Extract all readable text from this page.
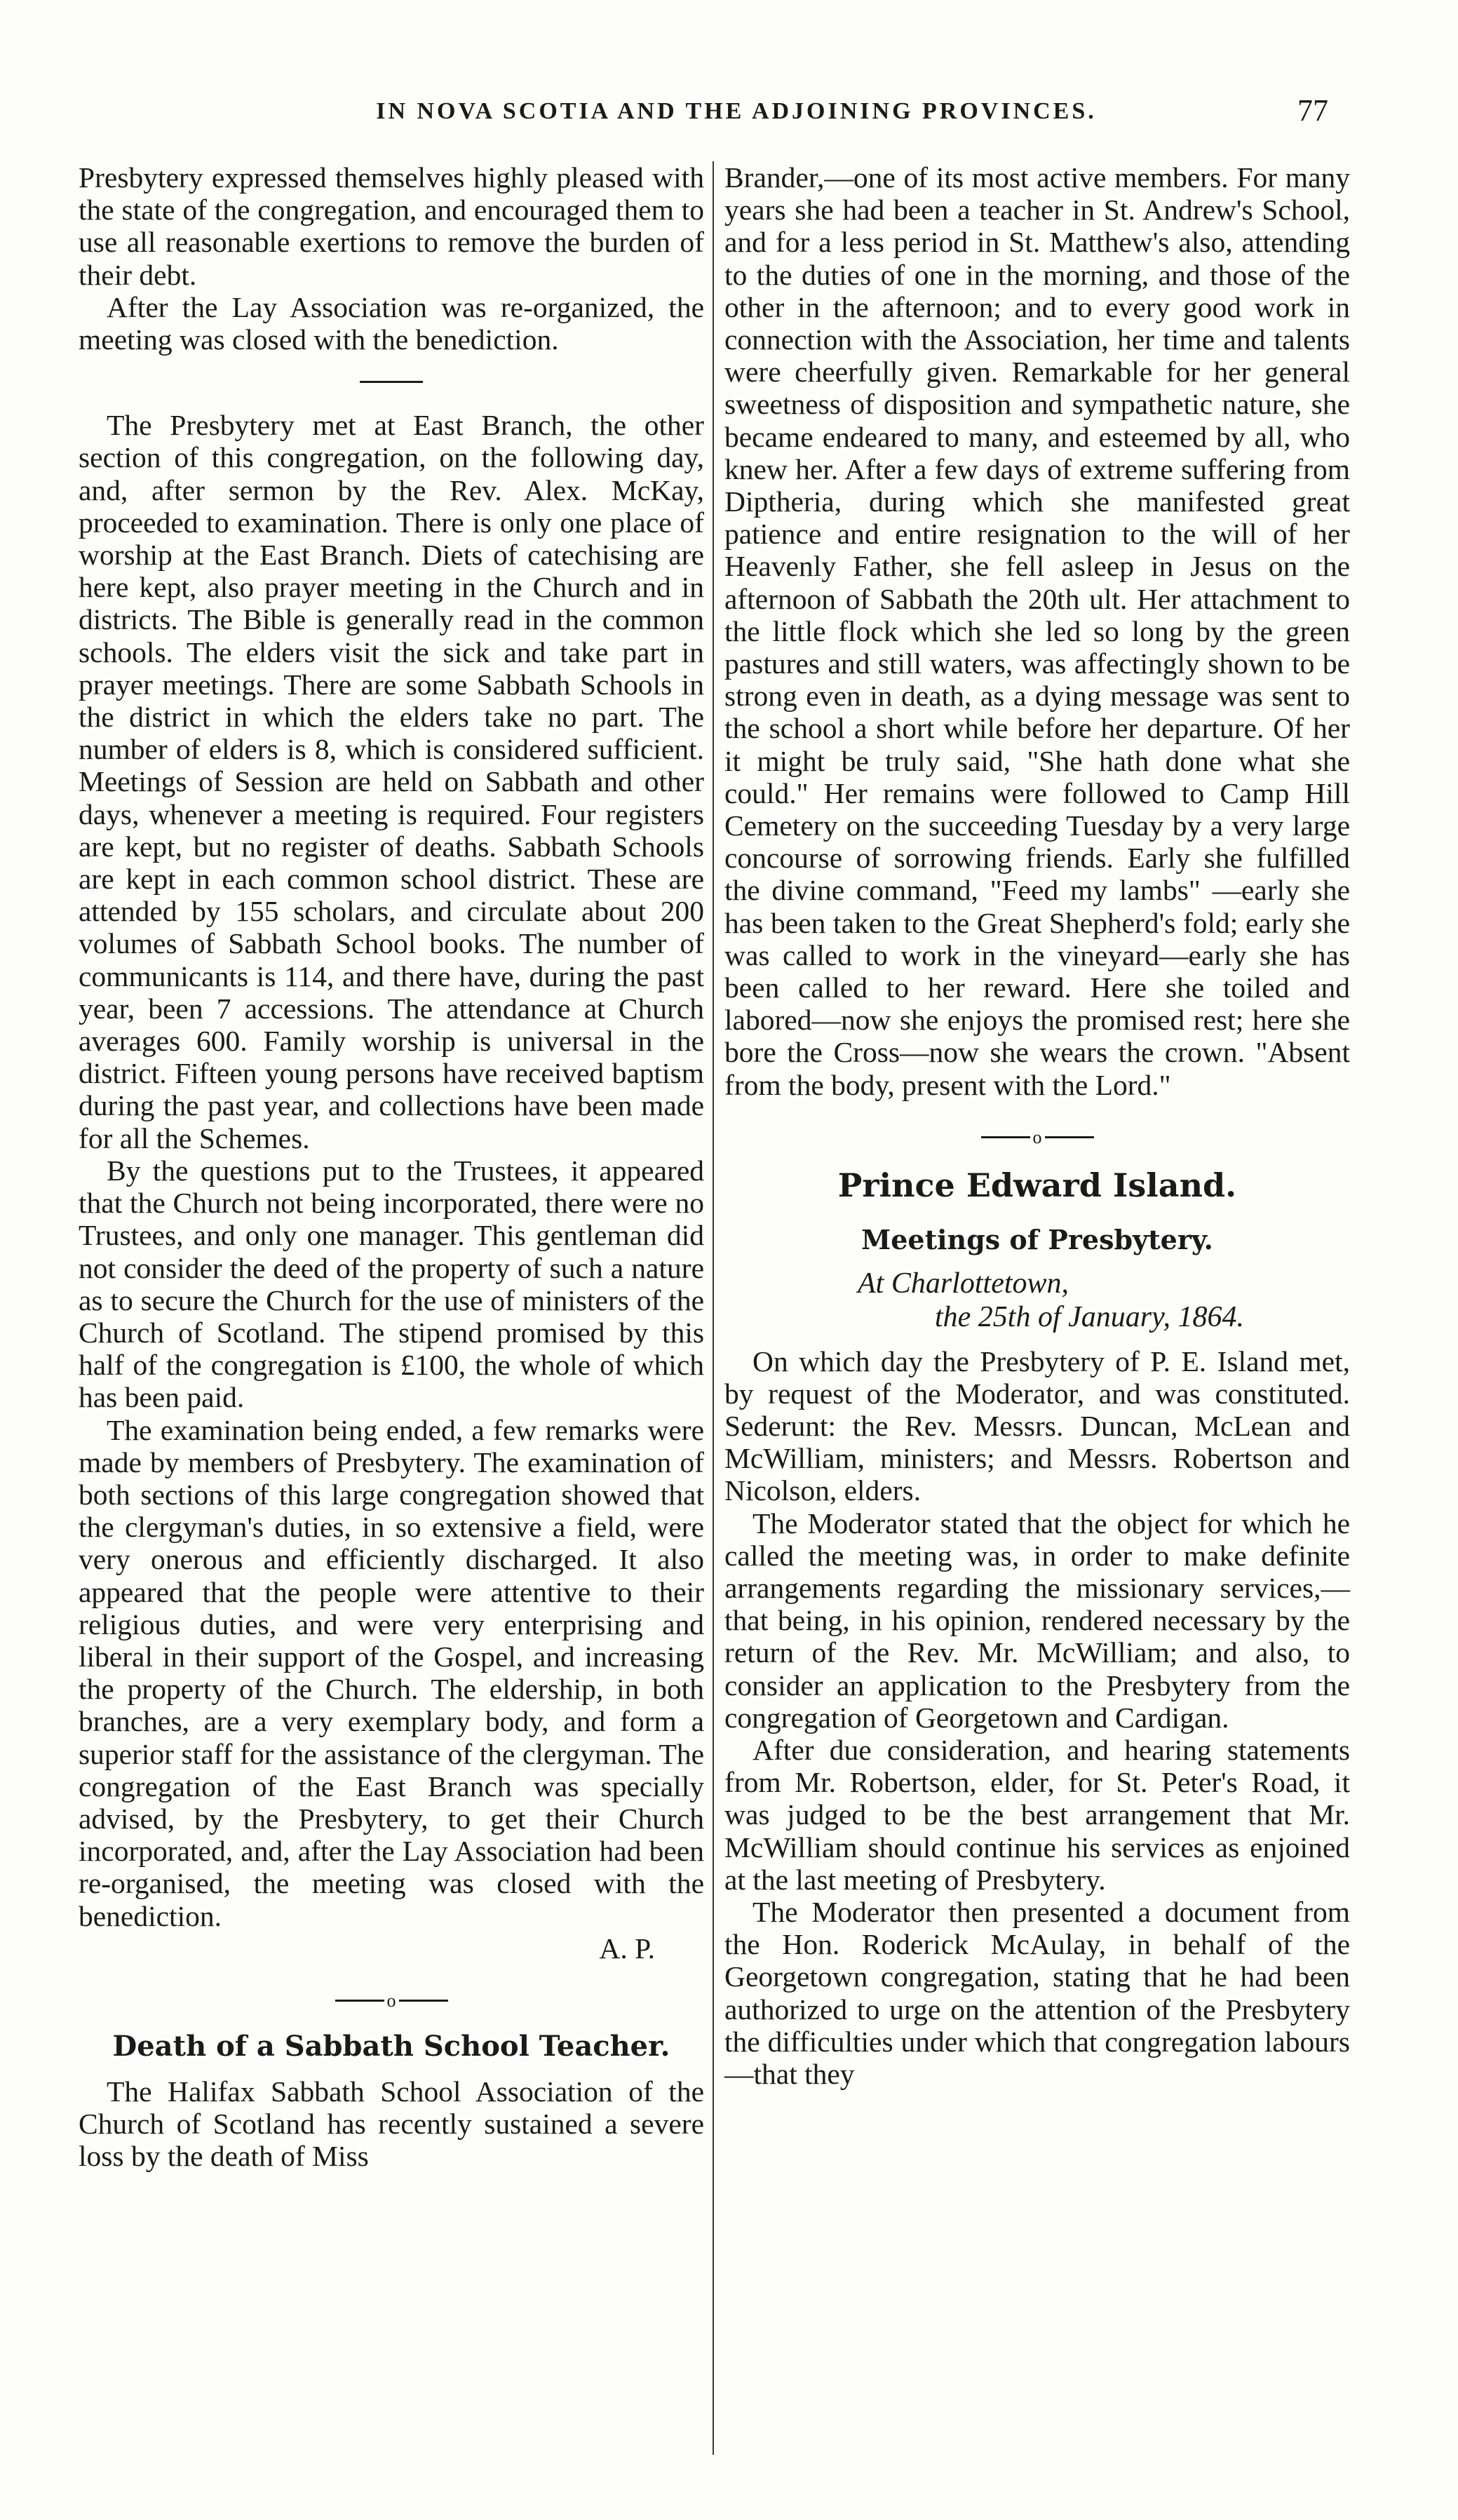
IN NOVA SCOTIA AND THE ADJOINING PROVINCES.	77

Presbytery expressed themselves highly pleased with the state of the congregation, and encouraged them to use all reasonable exertions to remove the burden of their debt.

After the Lay Association was re-organized, the meeting was closed with the benediction.

The Presbytery met at East Branch, the other section of this congregation, on the following day, and, after sermon by the Rev. Alex. McKay, proceeded to examination. There is only one place of worship at the East Branch. Diets of catechising are here kept, also prayer meeting in the Church and in districts. The Bible is generally read in the common schools. The elders visit the sick and take part in prayer meetings. There are some Sabbath Schools in the district in which the elders take no part. The number of elders is 8, which is considered sufficient. Meetings of Session are held on Sabbath and other days, whenever a meeting is required. Four registers are kept, but no register of deaths. Sabbath Schools are kept in each common school district. These are attended by 155 scholars, and circulate about 200 volumes of Sabbath School books. The number of communicants is 114, and there have, during the past year, been 7 accessions. The attendance at Church averages 600. Family worship is universal in the district. Fifteen young persons have received baptism during the past year, and collections have been made for all the Schemes.

By the questions put to the Trustees, it appeared that the Church not being incorporated, there were no Trustees, and only one manager. This gentleman did not consider the deed of the property of such a nature as to secure the Church for the use of ministers of the Church of Scotland. The stipend promised by this half of the congregation is £100, the whole of which has been paid.

The examination being ended, a few remarks were made by members of Presbytery. The examination of both sections of this large congregation showed that the clergyman's duties, in so extensive a field, were very onerous and efficiently discharged. It also appeared that the people were attentive to their religious duties, and were very enterprising and liberal in their support of the Gospel, and increasing the property of the Church. The eldership, in both branches, are a very exemplary body, and form a superior staff for the assistance of the clergyman. The congregation of the East Branch was specially advised, by the Presbytery, to get their Church incorporated, and, after the Lay Association had been re-organised, the meeting was closed with the benediction.

A. P.
o
Death of a Sabbath School Teacher.

The Halifax Sabbath School Association of the Church of Scotland has recently sustained a severe loss by the death of Miss

Brander,—one of its most active members. For many years she had been a teacher in St. Andrew's School, and for a less period in St. Matthew's also, attending to the duties of one in the morning, and those of the other in the afternoon; and to every good work in connection with the Association, her time and talents were cheerfully given. Remarkable for her general sweetness of disposition and sympathetic nature, she became endeared to many, and esteemed by all, who knew her. After a few days of extreme suffering from Diptheria, during which she manifested great patience and entire resignation to the will of her Heavenly Father, she fell asleep in Jesus on the afternoon of Sabbath the 20th ult. Her attachment to the little flock which she led so long by the green pastures and still waters, was affectingly shown to be strong even in death, as a dying message was sent to the school a short while before her departure. Of her it might be truly said, "She hath done what she could." Her remains were followed to Camp Hill Cemetery on the succeeding Tuesday by a very large concourse of sorrowing friends. Early she fulfilled the divine command, "Feed my lambs" —early she has been taken to the Great Shepherd's fold; early she was called to work in the vineyard—early she has been called to her reward. Here she toiled and labored—now she enjoys the promised rest; here she bore the Cross—now she wears the crown. "Absent from the body, present with the Lord."

o
Prince Edward Island.
Meetings of Presbytery.
At Charlottetown,
the 25th of January, 1864.

On which day the Presbytery of P. E. Island met, by request of the Moderator, and was constituted. Sederunt: the Rev. Messrs. Duncan, McLean and McWilliam, ministers; and Messrs. Robertson and Nicolson, elders.

The Moderator stated that the object for which he called the meeting was, in order to make definite arrangements regarding the missionary services,—that being, in his opinion, rendered necessary by the return of the Rev. Mr. McWilliam; and also, to consider an application to the Presbytery from the congregation of Georgetown and Cardigan.

After due consideration, and hearing statements from Mr. Robertson, elder, for St. Peter's Road, it was judged to be the best arrangement that Mr. McWilliam should continue his services as enjoined at the last meeting of Presbytery.

The Moderator then presented a document from the Hon. Roderick McAulay, in behalf of the Georgetown congregation, stating that he had been authorized to urge on the attention of the Presbytery the difficulties under which that congregation labours—that they
